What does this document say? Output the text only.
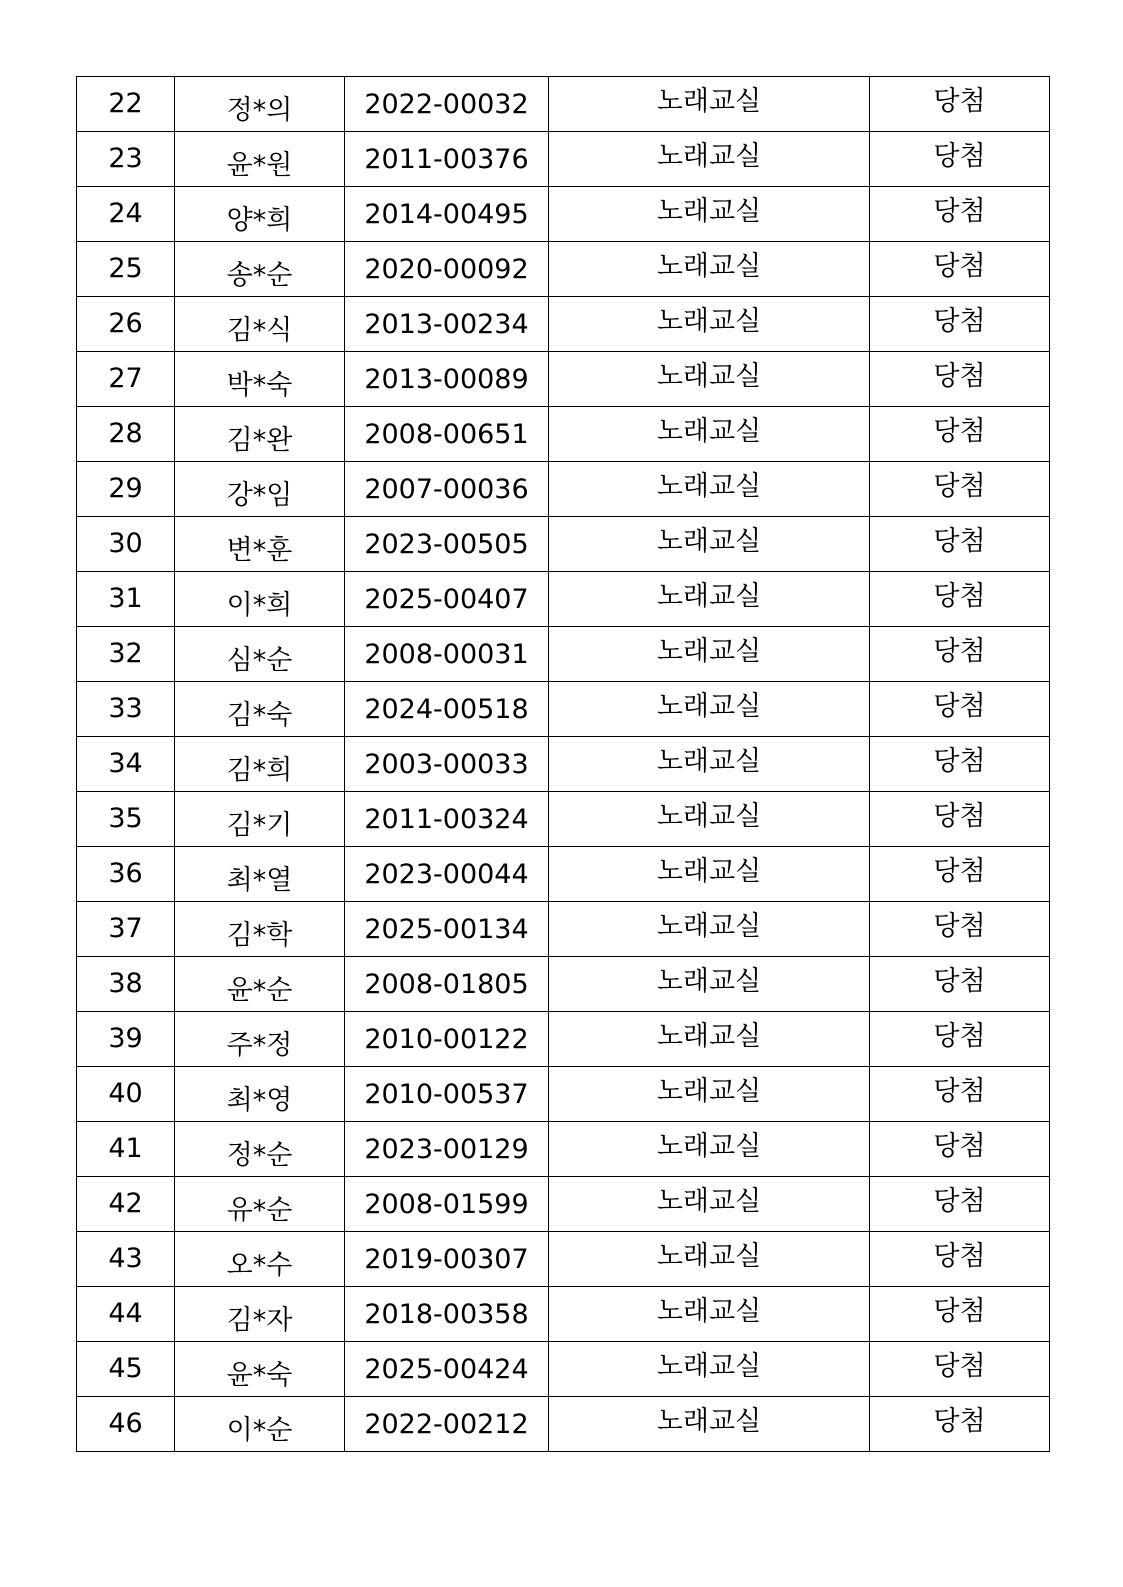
22	정*의	2022-00032	노래교실	당첨
23	윤*원	2011-00376	노래교실	당첨
24	양*희	2014-00495	노래교실	당첨
25	송*순	2020-00092	노래교실	당첨
26	김*식	2013-00234	노래교실	당첨
27	박*숙	2013-00089	노래교실	당첨
28	김*완	2008-00651	노래교실	당첨
29	강*임	2007-00036	노래교실	당첨
30	변*훈	2023-00505	노래교실	당첨
31	이*희	2025-00407	노래교실	당첨
32	심*순	2008-00031	노래교실	당첨
33	김*숙	2024-00518	노래교실	당첨
34	김*희	2003-00033	노래교실	당첨
35	김*기	2011-00324	노래교실	당첨
36	최*열	2023-00044	노래교실	당첨
37	김*학	2025-00134	노래교실	당첨
38	윤*순	2008-01805	노래교실	당첨
39	주*정	2010-00122	노래교실	당첨
40	최*영	2010-00537	노래교실	당첨
41	정*순	2023-00129	노래교실	당첨
42	유*순	2008-01599	노래교실	당첨
43	오*수	2019-00307	노래교실	당첨
44	김*자	2018-00358	노래교실	당첨
45	윤*숙	2025-00424	노래교실	당첨
46	이*순	2022-00212	노래교실	당첨
